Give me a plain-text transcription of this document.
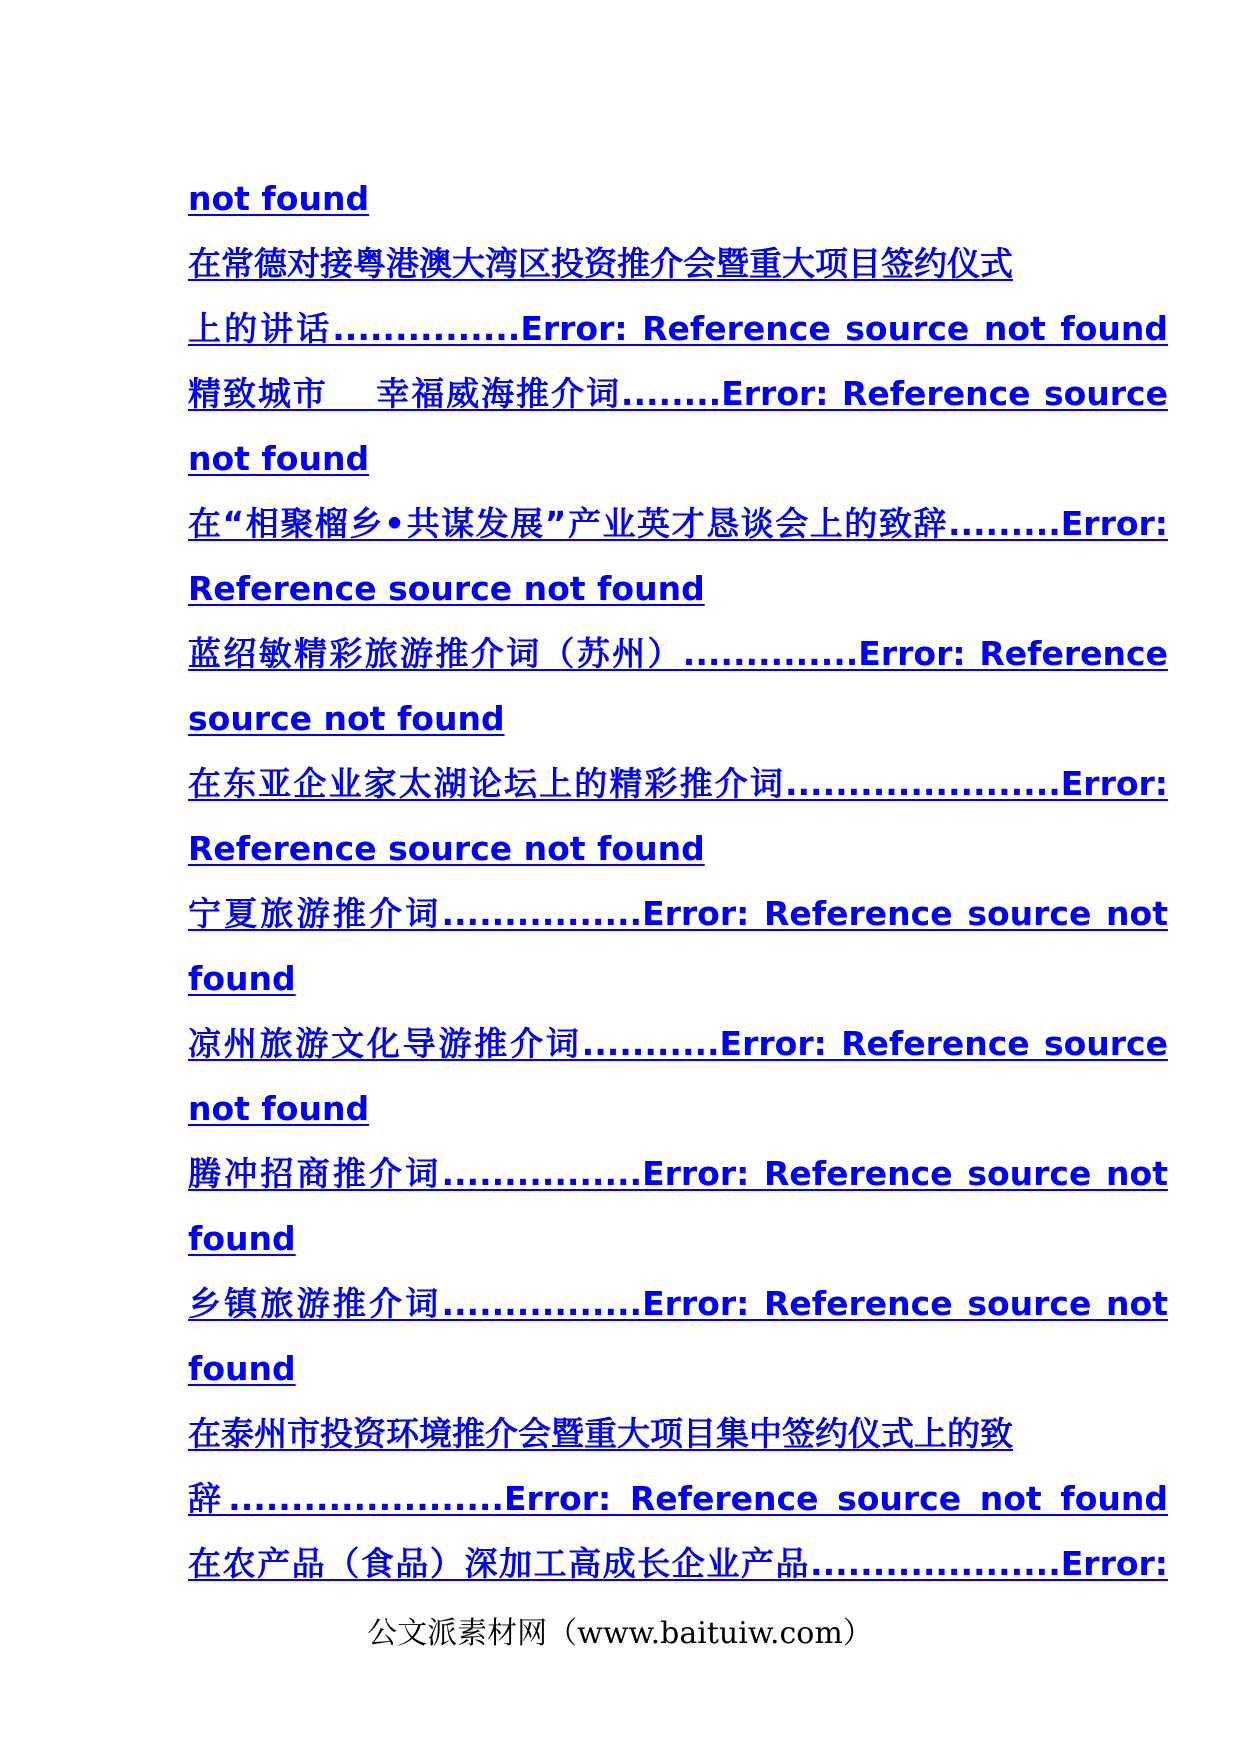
not found
在常德对接粤港澳大湾区投资推介会暨重大项目签约仪式
上的讲话...............Error: Reference source not found
精致城市　 幸福威海推介词........Error: Reference source
not found
在“相聚榴乡•共谋发展”产业英才恳谈会上的致辞.........Error:
Reference source not found
蓝绍敏精彩旅游推介词（苏州）..............Error: Reference
source not found
在东亚企业家太湖论坛上的精彩推介词......................Error:
Reference source not found
宁夏旅游推介词................Error: Reference source not
found
凉州旅游文化导游推介词...........Error: Reference source
not found
腾冲招商推介词................Error: Reference source not
found
乡镇旅游推介词................Error: Reference source not
found
在泰州市投资环境推介会暨重大项目集中签约仪式上的致
辞......................Error: Reference source not found
在农产品（食品）深加工高成长企业产品....................Error:
公文派素材网（www.baituiw.com）
